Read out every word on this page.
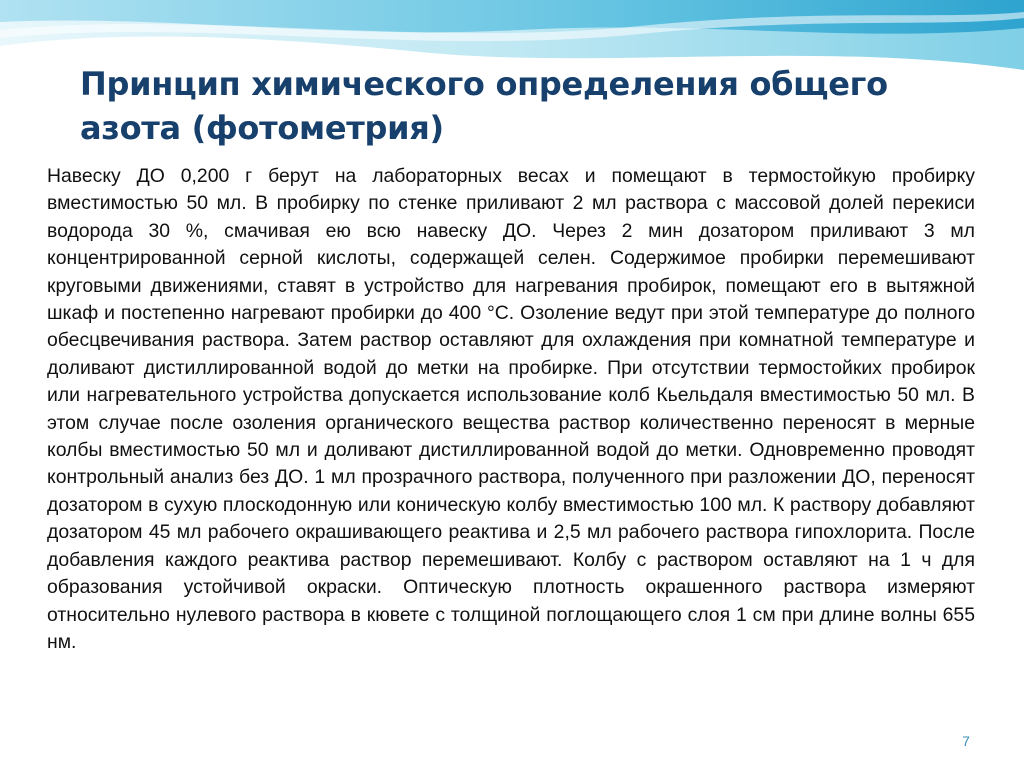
Принцип химического определения общего азота (фотометрия)

Навеску ДО 0,200 г берут на лабораторных весах и помещают в термостойкую пробирку вместимостью 50 мл. В пробирку по стенке приливают 2 мл раствора с массовой долей перекиси водорода 30 %, смачивая ею всю навеску ДО. Через 2 мин дозатором приливают 3 мл концентрированной серной кислоты, содержащей селен. Содержимое пробирки перемешивают круговыми движениями, ставят в устройство для нагревания пробирок, помещают его в вытяжной шкаф и постепенно нагревают пробирки до 400 °С. Озоление ведут при этой температуре до полного обесцвечивания раствора. Затем раствор оставляют для охлаждения при комнатной температуре и доливают дистиллированной водой до метки на пробирке. При отсутствии термостойких пробирок или нагревательного устройства допускается использование колб Кьельдаля вместимостью 50 мл. В этом случае после озоления органического вещества раствор количественно переносят в мерные колбы вместимостью 50 мл и доливают дистиллированной водой до метки. Одновременно проводят контрольный анализ без ДО. 1 мл прозрачного раствора, полученного при разложении ДО, переносят дозатором в сухую плоскодонную или коническую колбу вместимостью 100 мл. К раствору добавляют дозатором 45 мл рабочего окрашивающего реактива и 2,5 мл рабочего раствора гипохлорита. После добавления каждого реактива раствор перемешивают. Колбу с раствором оставляют на 1 ч для образования устойчивой окраски. Оптическую плотность окрашенного раствора измеряют относительно нулевого раствора в кювете с толщиной поглощающего слоя 1 см при длине волны 655 нм.

7
